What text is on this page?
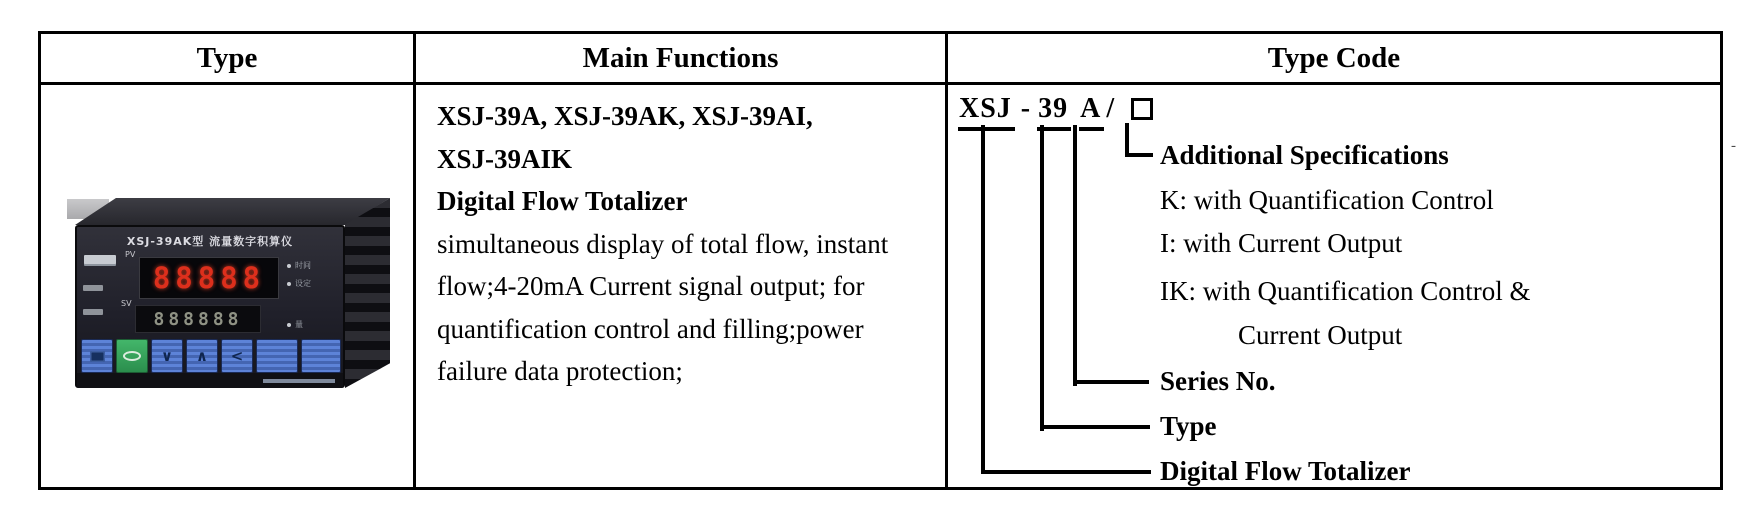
Type	Main Functions	Type Code
XSJ-39AK型 流量数字积算仪
PV
88888
SV
888888
时间
设定
量
∨ ∧ <
XSJ-39A, XSJ-39AK, XSJ-39AI,
XSJ-39AIK
Digital Flow Totalizer
simultaneous display of total flow, instant
flow;4-20mA Current signal output; for
quantification control and filling;power
failure data protection;
XSJ - 39 A /
Additional Specifications
K: with Quantification Control
I: with Current Output
IK: with Quantification Control &
Current Output
Series No.
Type
Digital Flow Totalizer
-
